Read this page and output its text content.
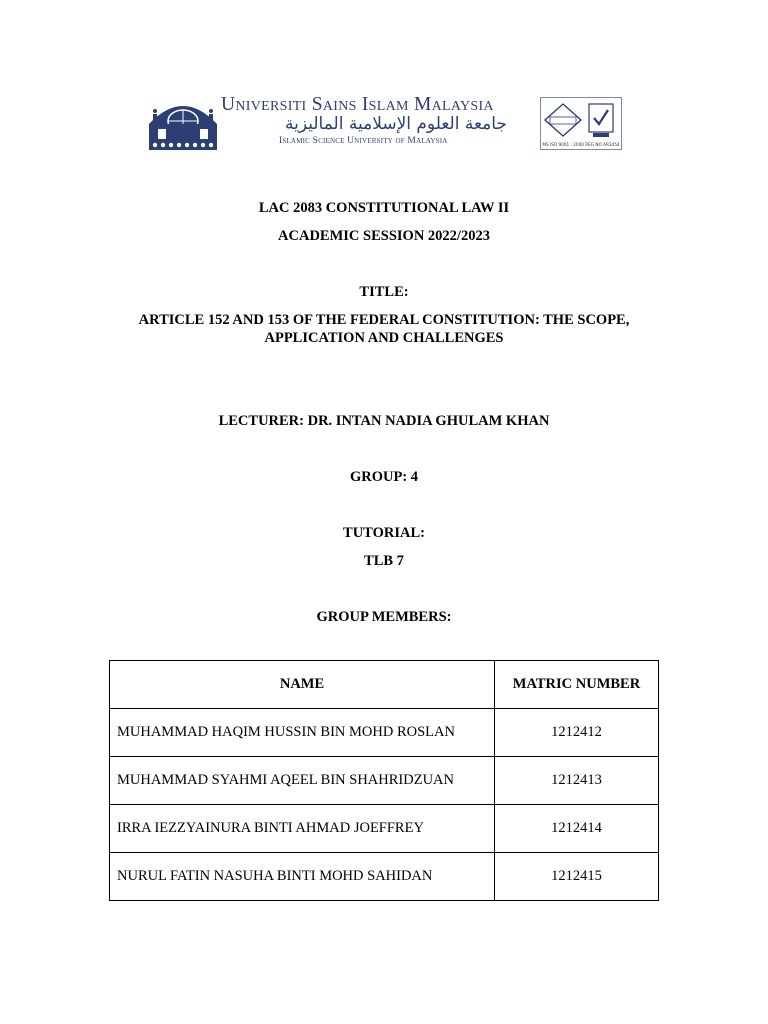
Universiti Sains Islam Malaysia
جامعة العلوم الإسلامية الماليزية
Islamic Science University of Malaysia	MS ISO 9001 : 2000 REG NO AR3454
LAC 2083 CONSTITUTIONAL LAW II
ACADEMIC SESSION 2022/2023
TITLE:
ARTICLE 152 AND 153 OF THE FEDERAL CONSTITUTION: THE SCOPE,
APPLICATION AND CHALLENGES
LECTURER: DR. INTAN NADIA GHULAM KHAN
GROUP: 4
TUTORIAL:
TLB 7
GROUP MEMBERS:
NAME	MATRIC NUMBER
MUHAMMAD HAQIM HUSSIN BIN MOHD ROSLAN	1212412
MUHAMMAD SYAHMI AQEEL BIN SHAHRIDZUAN	1212413
IRRA IEZZYAINURA BINTI AHMAD JOEFFREY	1212414
NURUL FATIN NASUHA BINTI MOHD SAHIDAN	1212415
